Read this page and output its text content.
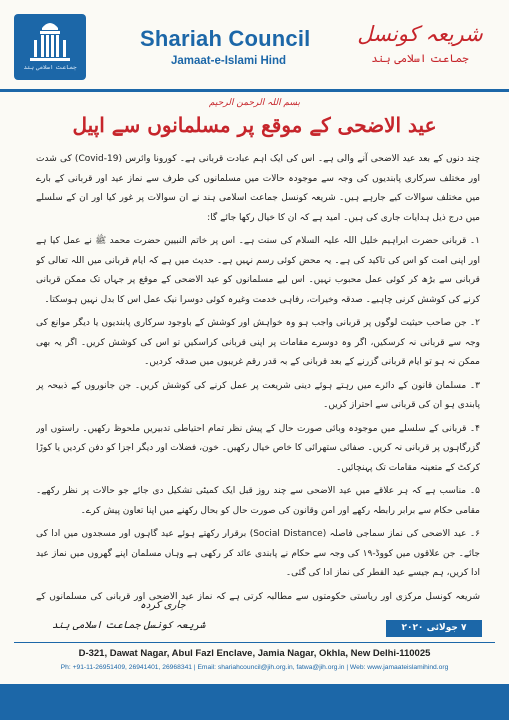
جماعت اسلامی ہند
Shariah Council
Jamaat-e-Islami Hind
شریعہ کونسل
جماعت اسلامی ہند
بسم اللہ الرحمن الرحیم
عید الاضحی کے موقع پر مسلمانوں سے اپیل

چند دنوں کے بعد عید الاضحی آنے والی ہے۔ اس کی ایک اہم عبادت قربانی ہے۔ کورونا وائرس (Covid-19) کی شدت اور مختلف سرکاری پابندیوں کی وجہ سے موجودہ حالات میں مسلمانوں کی طرف سے نماز عید اور قربانی کے بارے میں مختلف سوالات کیے جارہے ہیں۔ شریعہ کونسل جماعت اسلامی ہند نے ان سوالات پر غور کیا اور ان کے سلسلے میں درج ذیل ہدایات جاری کی ہیں۔ امید ہے کہ ان کا خیال رکھا جائے گا:

۱۔ قربانی حضرت ابراہیم خلیل اللہ علیہ السلام کی سنت ہے۔ اس پر خاتم النبیین حضرت محمد ﷺ نے عمل کیا ہے اور اپنی امت کو اس کی تاکید کی ہے۔ یہ محض کوئی رسم نہیں ہے۔ حدیث میں ہے کہ ایام قربانی میں اللہ تعالی کو قربانی سے بڑھ کر کوئی عمل محبوب نہیں۔ اس لیے مسلمانوں کو عید الاضحی کے موقع پر جہاں تک ممکن قربانی کرنے کی کوشش کرنی چاہیے۔ صدقہ وخیرات، رفاہی خدمت وغیرہ کوئی دوسرا نیک عمل اس کا بدل نہیں ہوسکتا۔

۲۔ جن صاحب حیثیت لوگوں پر قربانی واجب ہو وہ خواہش اور کوشش کے باوجود سرکاری پابندیوں یا دیگر موانع کی وجہ سے قربانی نہ کرسکیں، اگر وہ دوسرے مقامات پر اپنی قربانی کراسکیں تو اس کی کوشش کریں۔ اگر یہ بھی ممکن نہ ہو تو ایام قربانی گزرنے کے بعد قربانی کے بہ قدر رقم غریبوں میں صدقہ کردیں۔

۳۔ مسلمان قانون کے دائرے میں رہتے ہوئے دینی شریعت پر عمل کرنے کی کوشش کریں۔ جن جانوروں کے ذبیحہ پر پابندی ہو ان کی قربانی سے احتراز کریں۔

۴۔ قربانی کے سلسلے میں موجودہ وبائی صورت حال کے پیش نظر تمام احتیاطی تدبیریں ملحوظ رکھیں۔ راستوں اور گزرگاہوں پر قربانی نہ کریں۔ صفائی ستھرائی کا خاص خیال رکھیں۔ خون، فضلات اور دیگر اجزا کو دفن کردیں یا کوڑا کرکٹ کے متعینہ مقامات تک پہنچائیں۔

۵۔ مناسب ہے کہ ہر علاقے میں عید الاضحی سے چند روز قبل ایک کمیٹی تشکیل دی جائے جو حالات پر نظر رکھے۔ مقامی حکام سے برابر رابطہ رکھے اور امن وقانون کی صورت حال کو بحال رکھنے میں اپنا تعاون پیش کرے۔

۶۔ عید الاضحی کی نماز سماجی فاصلہ (Social Distance) برقرار رکھتے ہوئے عید گاہوں اور مسجدوں میں ادا کی جائے۔ جن علاقوں میں کووڈ-۱۹ کی وجہ سے حکام نے پابندی عائد کر رکھی ہے وہاں مسلمان اپنے گھروں میں نماز عید ادا کریں، ہم جیسے عید الفطر کی نماز ادا کی گئی۔

شریعہ کونسل مرکزی اور ریاستی حکومتوں سے مطالبہ کرتی ہے کہ نماز عید الاضحی اور قربانی کی مسلمانوں کے

جاری کردہ
شریعہ کونسل جماعت اسلامی ہند	۷ جولائی ۲۰۲۰
D-321, Dawat Nagar, Abul Fazl Enclave, Jamia Nagar, Okhla, New Delhi-110025
Ph: +91-11-26951409, 26941401, 26968341 | Email: shariahcouncil@jih.org.in, fatwa@jih.org.in | Web: www.jamaateislamihind.org
